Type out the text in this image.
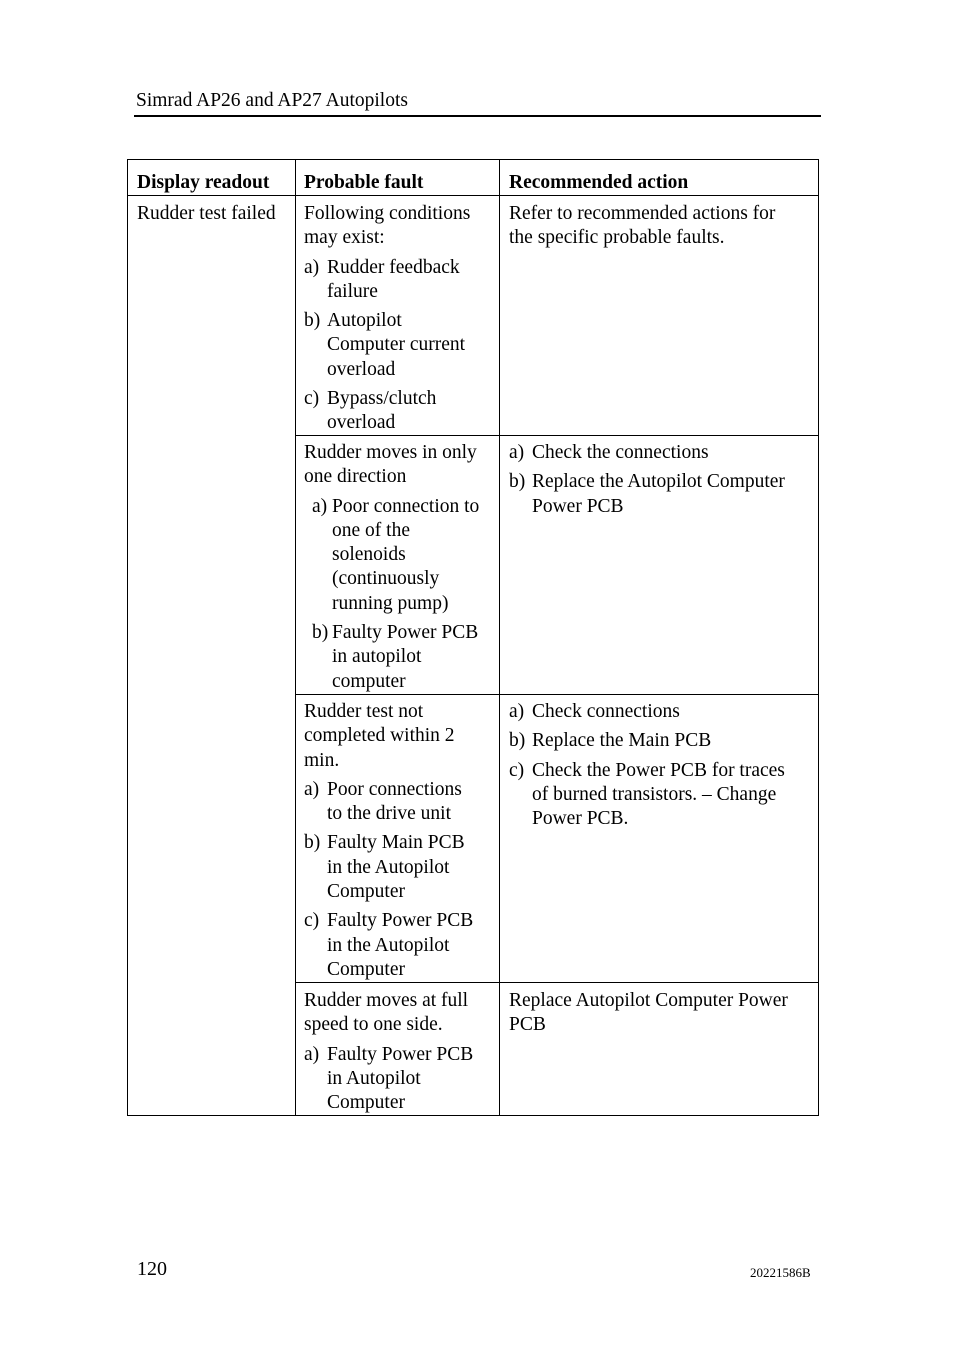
Simrad AP26 and AP27 Autopilots
Display readout Probable fault	Recommended action
Rudder test failed Following conditions
may exist:
a) Rudder feedback
failure
b) Autopilot
Computer current
overload
c) Bypass/clutch
overload
Refer to recommended actions for
the specific probable faults.
Rudder moves in only
one direction
a) Poor connection to
one of the
solenoids
(continuously
running pump)
b) Faulty Power PCB
in autopilot
computer
a) Check the connections
b) Replace the Autopilot Computer
Power PCB
Rudder test not
completed within 2
min.
a) Poor connections
to the drive unit
b) Faulty Main PCB
in the Autopilot
Computer
c) Faulty Power PCB
in the Autopilot
Computer
a) Check connections
b) Replace the Main PCB
c) Check the Power PCB for traces
of burned transistors. – Change
Power PCB.
Rudder moves at full
speed to one side.
a) Faulty Power PCB
in Autopilot
Computer
Replace Autopilot Computer Power
PCB
120	20221586B
